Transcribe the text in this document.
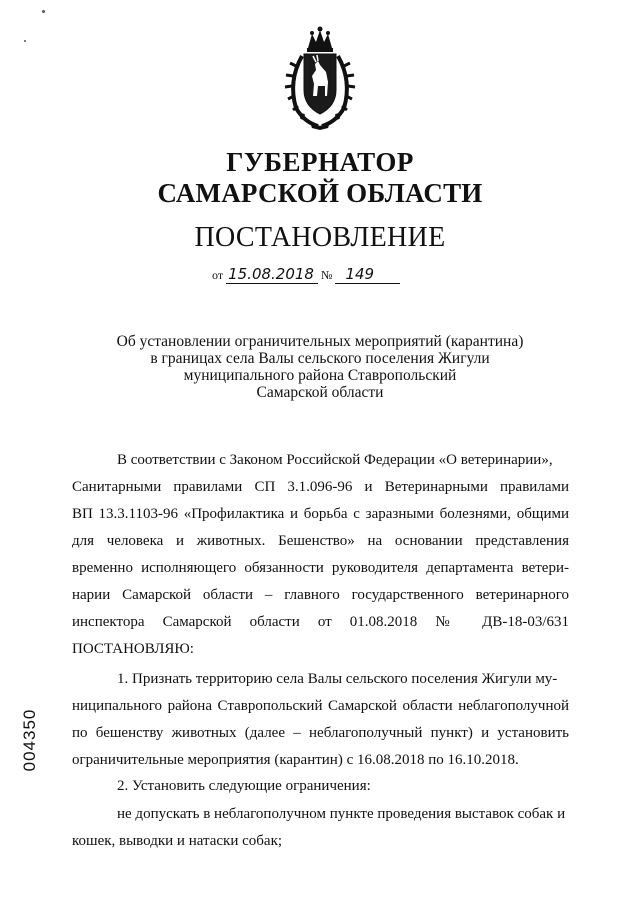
ГУБЕРНАТОР
САМАРСКОЙ ОБЛАСТИ
ПОСТАНОВЛЕНИЕ
от 15.08.2018 № 149
Об установлении ограничительных мероприятий (карантина)
в границах села Валы сельского поселения Жигули
муниципального района Ставропольский
Самарской области
В соответствии с Законом Российской Федерации «О ветеринарии»,
Санитарными правилами СП 3.1.096-96 и Ветеринарными правилами
ВП 13.3.1103-96 «Профилактика и борьба с заразными болезнями, общими
для человека и животных. Бешенство» на основании представления
временно исполняющего обязанности руководителя департамента ветери-
нарии Самарской области – главного государственного ветеринарного
инспектора Самарской области от 01.08.2018 № ДВ-18-03/631
ПОСТАНОВЛЯЮ:
1. Признать территорию села Валы сельского поселения Жигули му-
ниципального района Ставропольский Самарской области неблагополучной
по бешенству животных (далее – неблагополучный пункт) и установить
ограничительные мероприятия (карантин) с 16.08.2018 по 16.10.2018.
2. Установить следующие ограничения:
не допускать в неблагополучном пункте проведения выставок собак и
кошек, выводки и натаски собак;
004350
